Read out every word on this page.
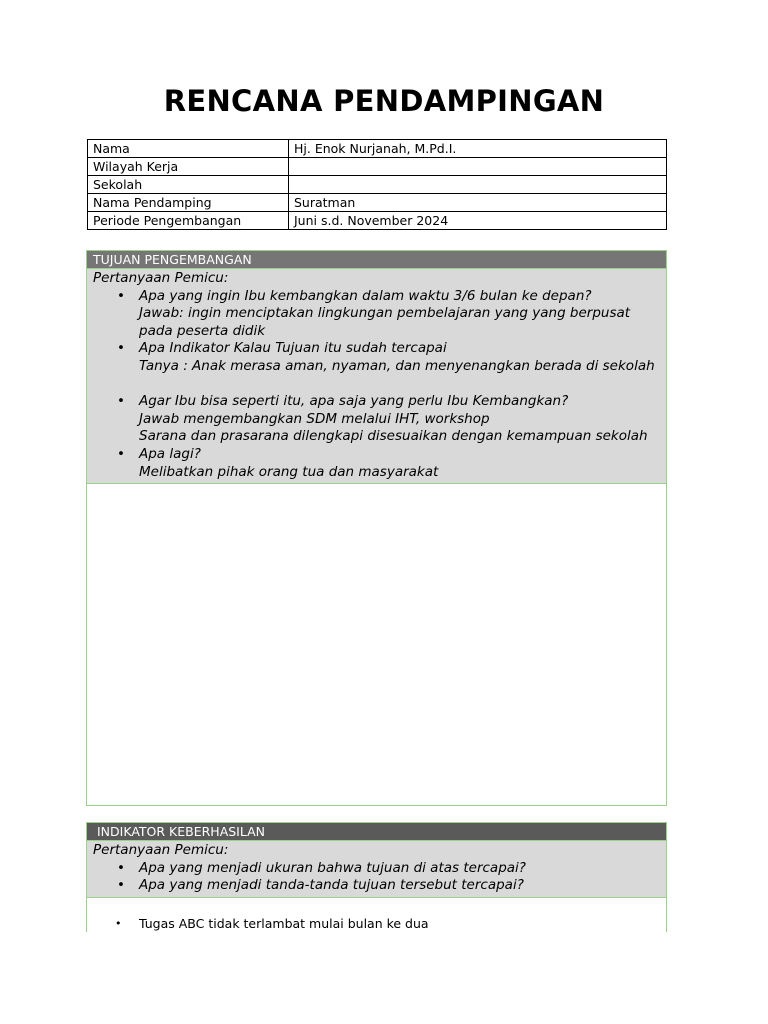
RENCANA PENDAMPINGAN
Nama	Hj. Enok Nurjanah, M.Pd.I.
Wilayah Kerja	
Sekolah	
Nama Pendamping	Suratman
Periode Pengembangan	Juni s.d. November 2024
TUJUAN PENGEMBANGAN
Pertanyaan Pemicu:
• Apa yang ingin Ibu kembangkan dalam waktu 3/6 bulan ke depan?
Jawab: ingin menciptakan lingkungan pembelajaran yang yang berpusat pada peserta didik
• Apa Indikator Kalau Tujuan itu sudah tercapai
Tanya : Anak merasa aman, nyaman, dan menyenangkan berada di sekolah
• Agar Ibu bisa seperti itu, apa saja yang perlu Ibu Kembangkan?
Jawab mengembangkan SDM melalui IHT, workshop
Sarana dan prasarana dilengkapi disesuaikan dengan kemampuan sekolah
• Apa lagi?
Melibatkan pihak orang tua dan masyarakat
INDIKATOR KEBERHASILAN
Pertanyaan Pemicu:
• Apa yang menjadi ukuran bahwa tujuan di atas tercapai?
• Apa yang menjadi tanda-tanda tujuan tersebut tercapai?
• Tugas ABC tidak terlambat mulai bulan ke dua
